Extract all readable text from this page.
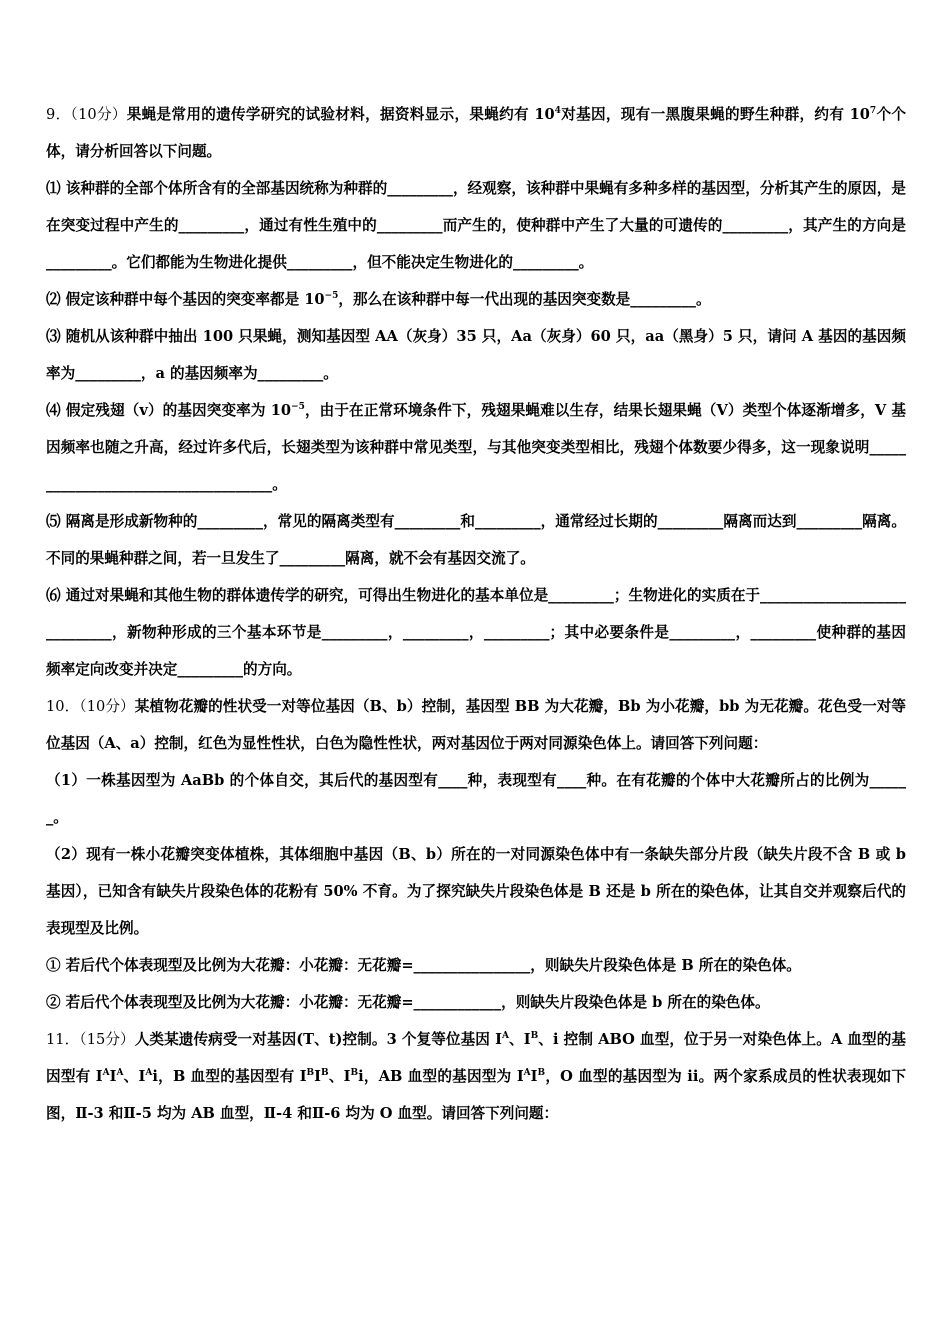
9．（10分）果蝇是常用的遗传学研究的试验材料，据资料显示，果蝇约有 $10^4$对基因，现有一黑腹果蝇的野生种群，约有 $10^7$个个体，请分析回答以下问题。

⑴ 该种群的全部个体所含有的全部基因统称为种群的_________，经观察，该种群中果蝇有多种多样的基因型，分析其产生的原因，是在突变过程中产生的_________，通过有性生殖中的_________而产生的，使种群中产生了大量的可遗传的_________，其产生的方向是_________。它们都能为生物进化提供_________，但不能决定生物进化的_________。

⑵ 假定该种群中每个基因的突变率都是 $10^{-5}$，那么在该种群中每一代出现的基因突变数是_________。

⑶ 随机从该种群中抽出 100 只果蝇，测知基因型 AA（灰身）35 只，Aa（灰身）60 只，aa（黑身）5 只，请问 A 基因的基因频率为_________，a 的基因频率为_________。

⑷ 假定残翅（v）的基因突变率为 $10^{-5}$，由于在正常环境条件下，残翅果蝇难以生存，结果长翅果蝇（V）类型个体逐渐增多，V 基因频率也随之升高，经过许多代后，长翅类型为该种群中常见类型，与其他突变类型相比，残翅个体数要少得多，这一现象说明____________________________________。

⑸ 隔离是形成新物种的_________，常见的隔离类型有_________和_________，通常经过长期的_________隔离而达到_________隔离。不同的果蝇种群之间，若一旦发生了_________隔离，就不会有基因交流了。

⑹ 通过对果蝇和其他生物的群体遗传学的研究，可得出生物进化的基本单位是_________；生物进化的实质在于_____________________________，新物种形成的三个基本环节是_________，_________，_________；其中必要条件是_________，_________使种群的基因频率定向改变并决定_________的方向。

10．（10分）某植物花瓣的性状受一对等位基因（B、b）控制，基因型 BB 为大花瓣，Bb 为小花瓣，bb 为无花瓣。花色受一对等位基因（A、a）控制，红色为显性性状，白色为隐性性状，两对基因位于两对同源染色体上。请回答下列问题：

（1）一株基因型为 AaBb 的个体自交，其后代的基因型有____种，表现型有____种。在有花瓣的个体中大花瓣所占的比例为______。

（2）现有一株小花瓣突变体植株，其体细胞中基因（B、b）所在的一对同源染色体中有一条缺失部分片段（缺失片段不含 B 或 b 基因），已知含有缺失片段染色体的花粉有 50% 不育。为了探究缺失片段染色体是 B 还是 b 所在的染色体，让其自交并观察后代的表现型及比例。

① 若后代个体表现型及比例为大花瓣：小花瓣：无花瓣=________________，则缺失片段染色体是 B 所在的染色体。

② 若后代个体表现型及比例为大花瓣：小花瓣：无花瓣=____________，则缺失片段染色体是 b 所在的染色体。

11．（15分）人类某遗传病受一对基因(T、t)控制。3 个复等位基因 $I^A$、$I^B$、i 控制 ABO 血型，位于另一对染色体上。A 血型的基因型有 $I^AI^A$、$I^Ai$，B 血型的基因型有 $I^BI^B$、$I^Bi$，AB 血型的基因型为 $I^AI^B$，O 血型的基因型为 ii。两个家系成员的性状表现如下图，Ⅱ-3 和Ⅱ-5 均为 AB 血型，Ⅱ-4 和Ⅱ-6 均为 O 血型。请回答下列问题：
